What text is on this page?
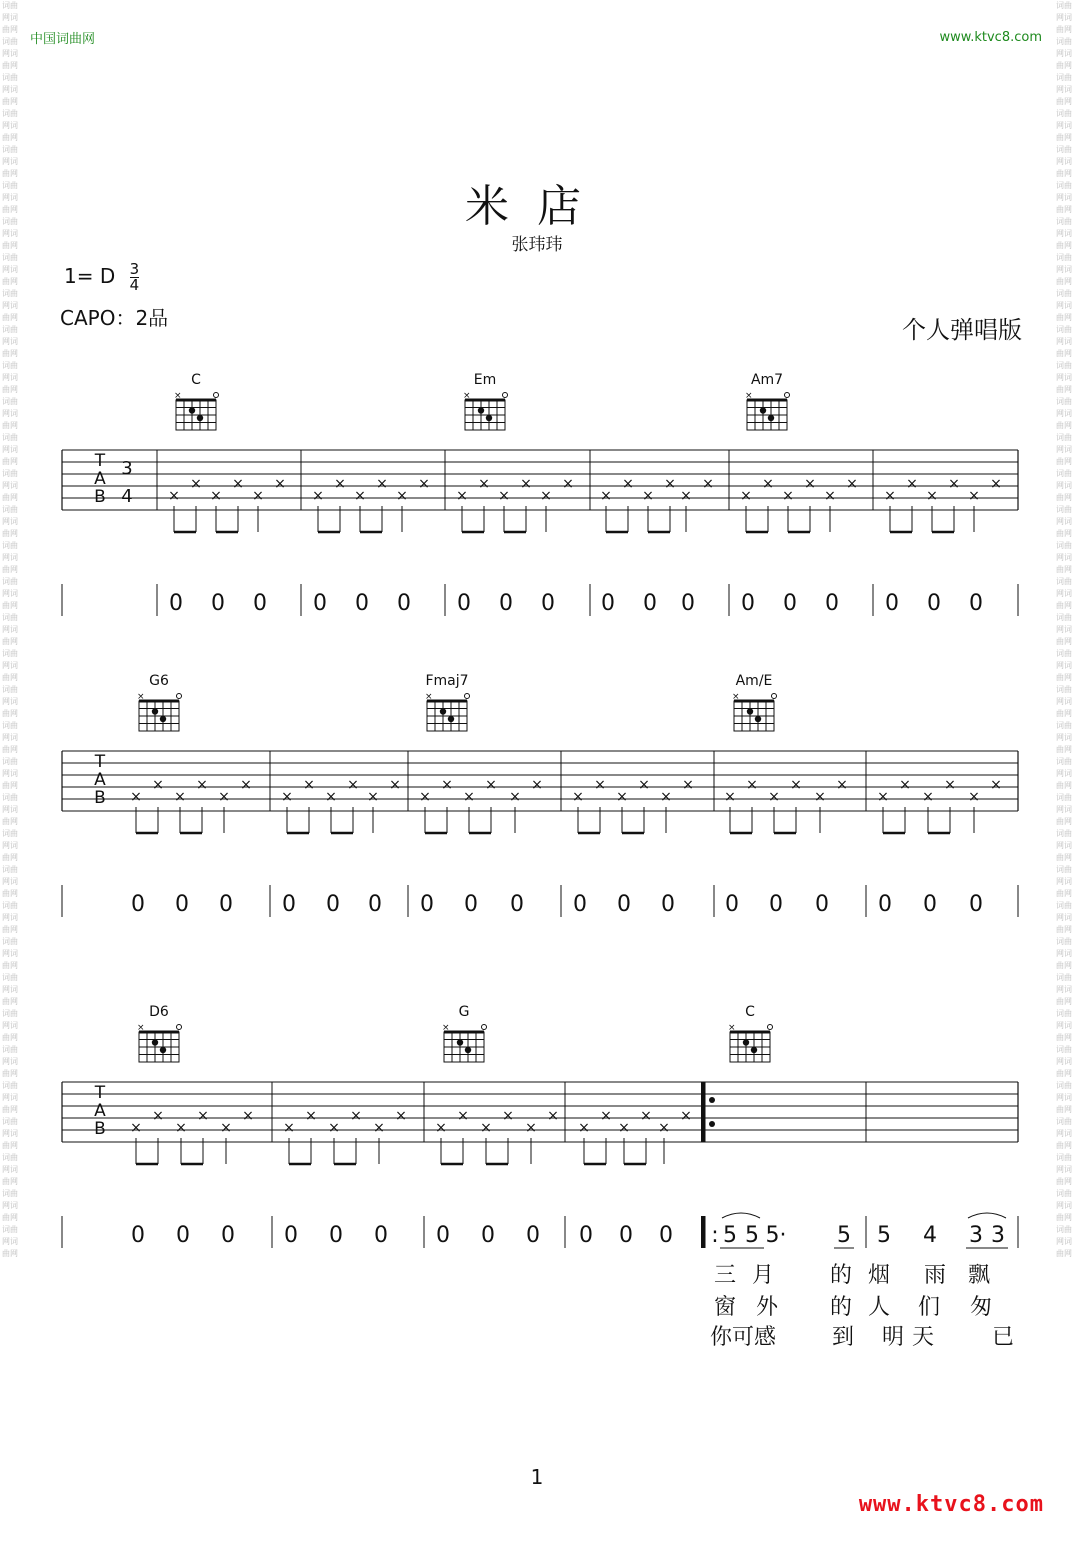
词曲网词曲网词曲网词曲网词曲网词曲网词曲网词曲网词曲网词曲网词曲网词曲网词曲网词曲网词曲网词曲网词曲网词曲网词曲网词曲网词曲网词曲网词曲网词曲网词曲网词曲网词曲网词曲网词曲网词曲网词曲网词曲网词曲网词曲网词曲网词曲网词曲网词曲网词曲网词曲网词曲网词曲网词曲网词曲网词曲网词曲网词曲网词曲网词曲网词曲网词曲网词曲网词曲网词曲网词曲网词曲网词曲网词曲网词曲网词曲网词曲网词曲网词曲网词曲网词曲网词曲网词曲网词曲网词曲网词曲网
词曲网词曲网词曲网词曲网词曲网词曲网词曲网词曲网词曲网词曲网词曲网词曲网词曲网词曲网词曲网词曲网词曲网词曲网词曲网词曲网词曲网词曲网词曲网词曲网词曲网词曲网词曲网词曲网词曲网词曲网词曲网词曲网词曲网词曲网词曲网词曲网词曲网词曲网词曲网词曲网词曲网词曲网词曲网词曲网词曲网词曲网词曲网词曲网词曲网词曲网词曲网词曲网词曲网词曲网词曲网词曲网词曲网词曲网词曲网词曲网词曲网词曲网词曲网词曲网词曲网词曲网词曲网词曲网词曲网词曲网
中国词曲网	www.ktvc8.com
米店
张玮玮
1= D $\frac{3}{4}$
CAPO：2品	个人弹唱版
T
A
B
3
4
C
×
Em
×
Am7
×
×
×
×
×
×
×
×
×
×
×
×
×
×
×
×
×
×
×
×
×
×
×
×
×
×
×
×
×
×
×
×
×
×
×
×
×
0 0 0 0 0 0 0 0 0 0 0 0 0 0 0 0 0 0
T
A
B
G6
×
Fmaj7
×
Am/E
×
×
×
×
×
×
×
×
×
×
×
×
×
×
×
×
×
×
×
×
×
×
×
×
×
×
×
×
×
×
×
×
×
×
×
×
×
0 0 0 0 0 0 0 0 0 0 0 0 0 0 0 0 0 0
T
A
B
D6
×
G
×
C
×
×
×
×
×
×
×
×
×
×
×
×
×
×
×
×
×
×
×
×
×
×
×
×
×
0 0 0 0 0 0 0 0 0 0 0 0 : 5 5 5· 5 5 4 3 3
三 月	的 烟 雨 飘
窗 外 的 人 们 匆
你可感	到 明 天	已
1
www.ktvc8.com
